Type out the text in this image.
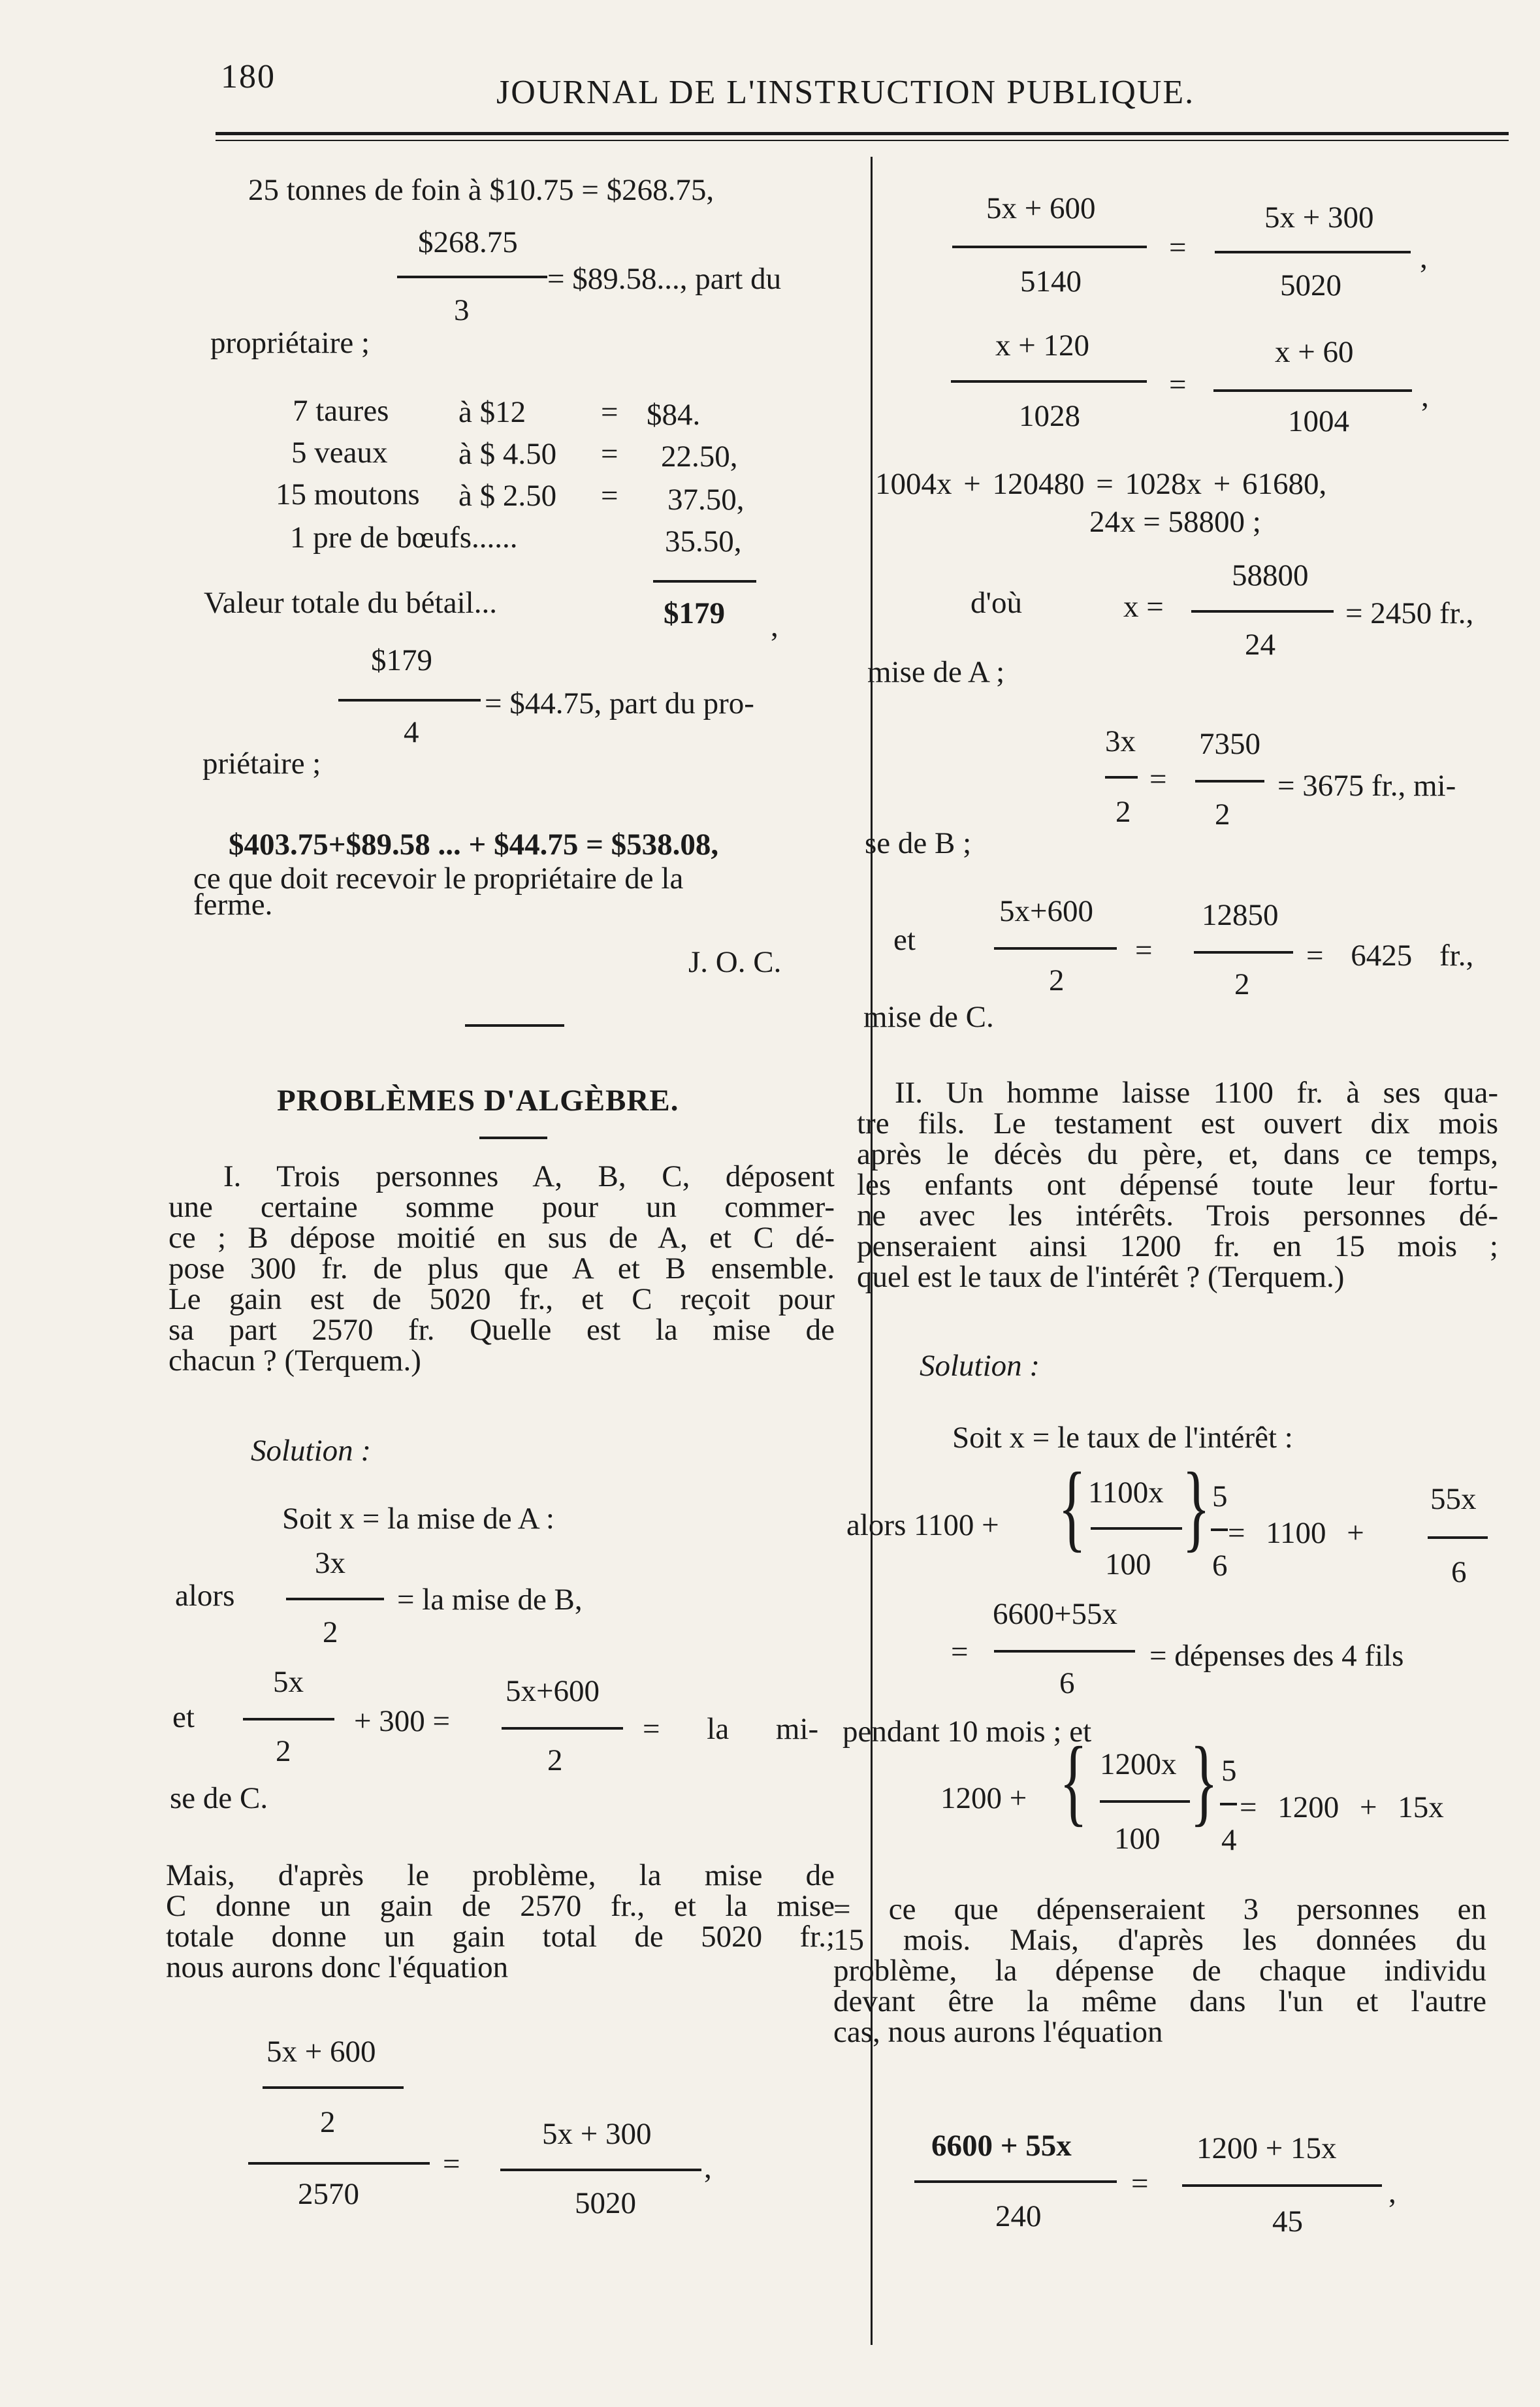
180	JOURNAL DE L'INSTRUCTION PUBLIQUE.
25 tonnes de foin à $10.75 = $268.75,
$268.75
3
= $89.58..., part du
propriétaire ;
7 taures à $12 = $84.
5 veaux à $ 4.50 = 22.50,
15 moutons à $ 2.50 = 37.50,
1 pre de bœufs......	35.50,
Valeur totale du bétail...	$179 ,
$179
4
= $44.75, part du pro-
priétaire ;
$403.75+$89.58 ... + $44.75 = $538.08,
ce que doit recevoir le propriétaire de la
ferme.
J. O. C.
PROBLÈMES D'ALGÈBRE.
I. Trois personnes A, B, C, déposent
une certaine somme pour un commer-
ce ; B dépose moitié en sus de A, et C dé-
pose 300 fr. de plus que A et B ensemble.
Le gain est de 5020 fr., et C reçoit pour
sa part 2570 fr. Quelle est la mise de
chacun ? (Terquem.)
Solution :
Soit x = la mise de A :
alors
3x
2
= la mise de B,
et
5x
2
+ 300 =
5x+600
2
= la mi-
se de C.
Mais, d'après le problème, la mise de
C donne un gain de 2570 fr., et la mise
totale donne un gain total de 5020 fr.;
nous aurons donc l'équation
5x + 600
2
2570
=
5x + 300
5020
,
5x + 600
5140
=
5x + 300
5020
,
x + 120
1028
=
x + 60
1004
,
1004x + 120480 = 1028x + 61680,
24x = 58800 ;
d'où	x =
58800
24
= 2450 fr.,
mise de A ;
3x
2
=
7350
2
= 3675 fr., mi-
se de B ;
et
5x+600
2
=
12850
2
= 6425 fr.,
mise de C.
II. Un homme laisse 1100 fr. à ses qua-
tre fils. Le testament est ouvert dix mois
après le décès du père, et, dans ce temps,
les enfants ont dépensé toute leur fortu-
ne avec les intérêts. Trois personnes dé-
penseraient ainsi 1200 fr. en 15 mois ;
quel est le taux de l'intérêt ? (Terquem.)
Solution :
Soit x = le taux de l'intérêt :
alors 1100 + { 1100x
100
} 5
6
= 1100 +
55x
6
=
6600+55x
6
= dépenses des 4 fils
pendant 10 mois ; et
1200 + { 1200x
100
} 5
4
= 1200 + 15x
= ce que dépenseraient 3 personnes en
15 mois. Mais, d'après les données du
problème, la dépense de chaque individu
devant être la même dans l'un et l'autre
cas, nous aurons l'équation
6600 + 55x
240
=
1200 + 15x
45
,
